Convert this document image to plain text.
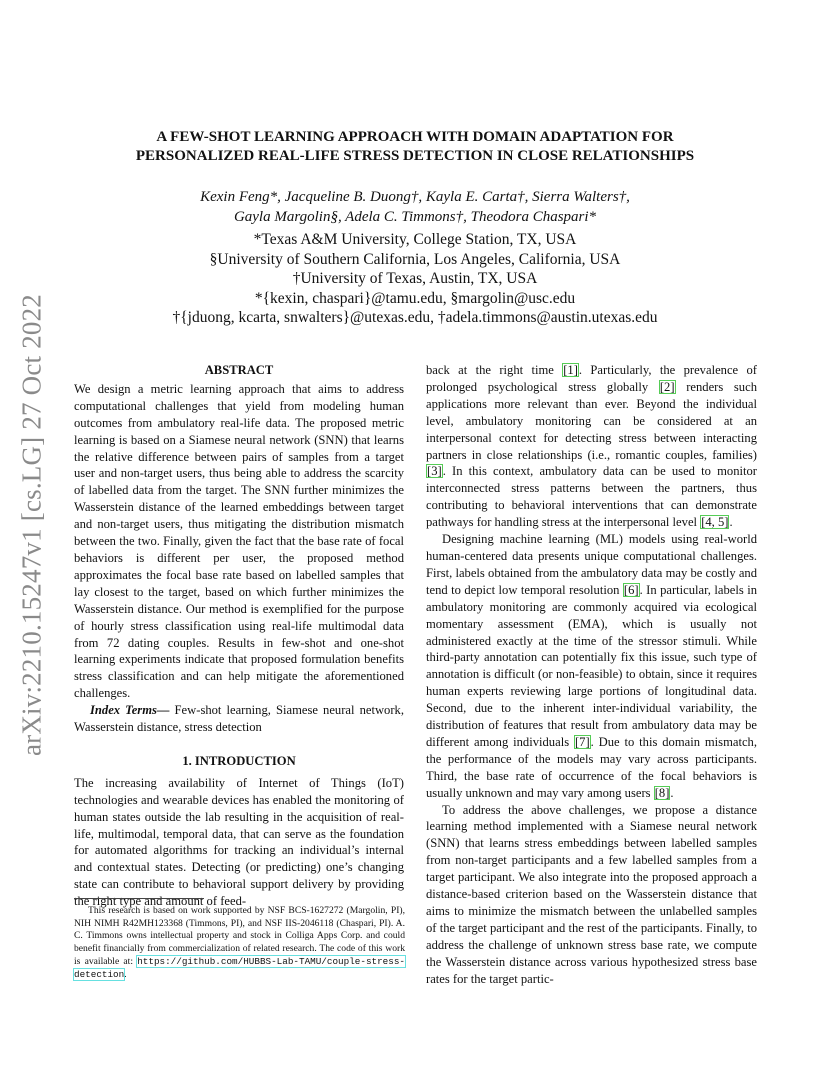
arXiv:2210.15247v1 [cs.LG] 27 Oct 2022
A FEW-SHOT LEARNING APPROACH WITH DOMAIN ADAPTATION FOR
PERSONALIZED REAL-LIFE STRESS DETECTION IN CLOSE RELATIONSHIPS
Kexin Feng*, Jacqueline B. Duong†, Kayla E. Carta†, Sierra Walters†,
Gayla Margolin§, Adela C. Timmons†, Theodora Chaspari*
*Texas A&M University, College Station, TX, USA
§University of Southern California, Los Angeles, California, USA
†University of Texas, Austin, TX, USA
*{kexin, chaspari}@tamu.edu, §margolin@usc.edu
†{jduong, kcarta, snwalters}@utexas.edu, †adela.timmons@austin.utexas.edu
ABSTRACT

We design a metric learning approach that aims to address computational challenges that yield from modeling human outcomes from ambulatory real-life data. The proposed metric learning is based on a Siamese neural network (SNN) that learns the relative difference between pairs of samples from a target user and non-target users, thus being able to address the scarcity of labelled data from the target. The SNN further minimizes the Wasserstein distance of the learned embeddings between target and non-target users, thus mitigating the distribution mismatch between the two. Finally, given the fact that the base rate of focal behaviors is different per user, the proposed method approximates the focal base rate based on labelled samples that lay closest to the target, based on which further minimizes the Wasserstein distance. Our method is exemplified for the purpose of hourly stress classification using real-life multimodal data from 72 dating couples. Results in few-shot and one-shot learning experiments indicate that proposed formulation benefits stress classification and can help mitigate the aforementioned challenges.

Index Terms— Few-shot learning, Siamese neural network, Wasserstein distance, stress detection

1. INTRODUCTION

The increasing availability of Internet of Things (IoT) technologies and wearable devices has enabled the monitoring of human states outside the lab resulting in the acquisition of real-life, multimodal, temporal data, that can serve as the foundation for automated algorithms for tracking an individual’s internal and contextual states. Detecting (or predicting) one’s changing state can contribute to behavioral support delivery by providing the right type and amount of feed-

back at the right time [1]. Particularly, the prevalence of prolonged psychological stress globally [2] renders such applications more relevant than ever. Beyond the individual level, ambulatory monitoring can be considered at an interpersonal context for detecting stress between interacting partners in close relationships (i.e., romantic couples, families) [3]. In this context, ambulatory data can be used to monitor interconnected stress patterns between the partners, thus contributing to behavioral interventions that can demonstrate pathways for handling stress at the interpersonal level [4, 5].

Designing machine learning (ML) models using real-world human-centered data presents unique computational challenges. First, labels obtained from the ambulatory data may be costly and tend to depict low temporal resolution [6]. In particular, labels in ambulatory monitoring are commonly acquired via ecological momentary assessment (EMA), which is usually not administered exactly at the time of the stressor stimuli. While third-party annotation can potentially fix this issue, such type of annotation is difficult (or non-feasible) to obtain, since it requires human experts reviewing large portions of longitudinal data. Second, due to the inherent inter-individual variability, the distribution of features that result from ambulatory data may be different among individuals [7]. Due to this domain mismatch, the performance of the models may vary across participants. Third, the base rate of occurrence of the focal behaviors is usually unknown and may vary among users [8].

To address the above challenges, we propose a distance learning method implemented with a Siamese neural network (SNN) that learns stress embeddings between labelled samples from non-target participants and a few labelled samples from a target participant. We also integrate into the proposed approach a distance-based criterion based on the Wasserstein distance that aims to minimize the mismatch between the unlabelled samples of the target participant and the rest of the participants. Finally, to address the challenge of unknown stress base rate, we compute the Wasserstein distance across various hypothesized stress base rates for the target partic-

This research is based on work supported by NSF BCS-1627272 (Margolin, PI), NIH NIMH R42MH123368 (Timmons, PI), and NSF IIS-2046118 (Chaspari, PI). A. C. Timmons owns intellectual property and stock in Colliga Apps Corp. and could benefit financially from commercialization of related research. The code of this work is available at: https://github.com/HUBBS-Lab-TAMU/couple-stress-detection.
